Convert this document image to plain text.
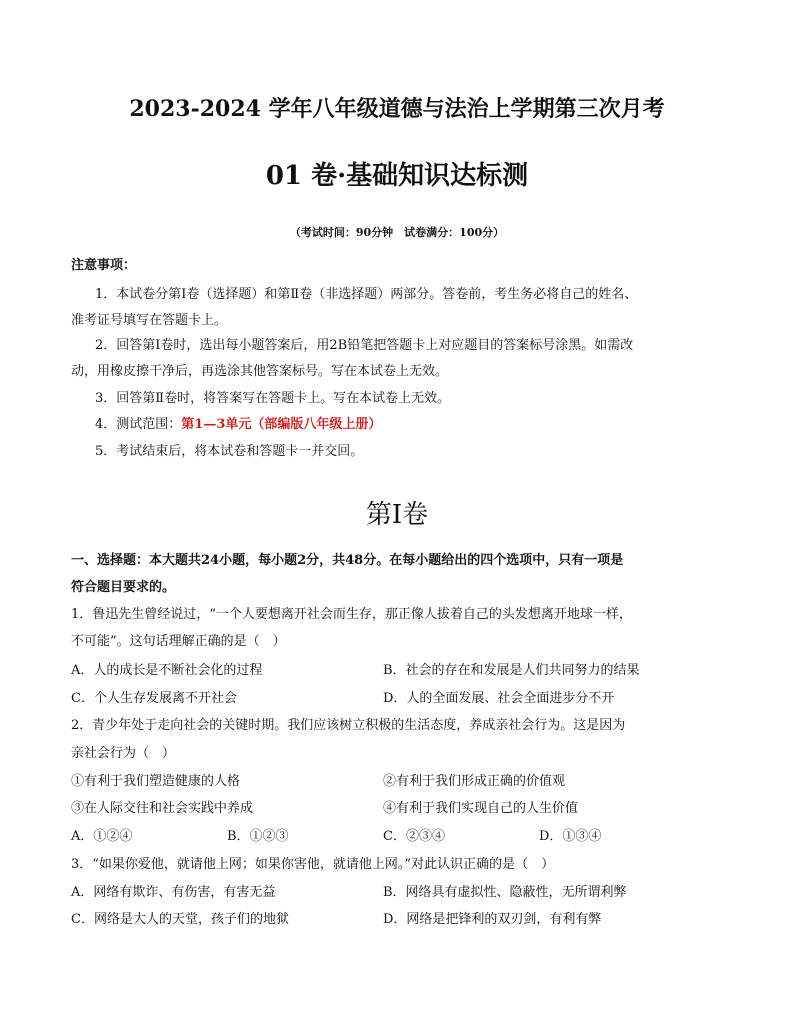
2023-2024 学年八年级道德与法治上学期第三次月考
01 卷·基础知识达标测
（考试时间：90分钟　试卷满分：100分）
注意事项：
1．本试卷分第Ⅰ卷（选择题）和第Ⅱ卷（非选择题）两部分。答卷前，考生务必将自己的姓名、
准考证号填写在答题卡上。
2．回答第Ⅰ卷时，选出每小题答案后，用2B铅笔把答题卡上对应题目的答案标号涂黑。如需改
动，用橡皮擦干净后，再选涂其他答案标号。写在本试卷上无效。
3．回答第Ⅱ卷时，将答案写在答题卡上。写在本试卷上无效。
4．测试范围：第1—3单元（部编版八年级上册）
5．考试结束后，将本试卷和答题卡一并交回。
第Ⅰ卷
一、选择题：本大题共24小题，每小题2分，共48分。在每小题给出的四个选项中，只有一项是
符合题目要求的。
1．鲁迅先生曾经说过，“一个人要想离开社会而生存，那正像人拔着自己的头发想离开地球一样，
不可能”。这句话理解正确的是（　）
A．人的成长是不断社会化的过程	B．社会的存在和发展是人们共同努力的结果
C．个人生存发展离不开社会	D．人的全面发展、社会全面进步分不开
2．青少年处于走向社会的关键时期。我们应该树立积极的生活态度，养成亲社会行为。这是因为
亲社会行为（　）
①有利于我们塑造健康的人格	②有利于我们形成正确的价值观
③在人际交往和社会实践中养成	④有利于我们实现自己的人生价值
A．①②④	B．①②③	C．②③④	D．①③④
3．“如果你爱他，就请他上网；如果你害他，就请他上网。”对此认识正确的是（　）
A．网络有欺诈、有伤害，有害无益	B．网络具有虚拟性、隐蔽性，无所谓利弊
C．网络是大人的天堂，孩子们的地狱	D．网络是把锋利的双刃剑，有利有弊
